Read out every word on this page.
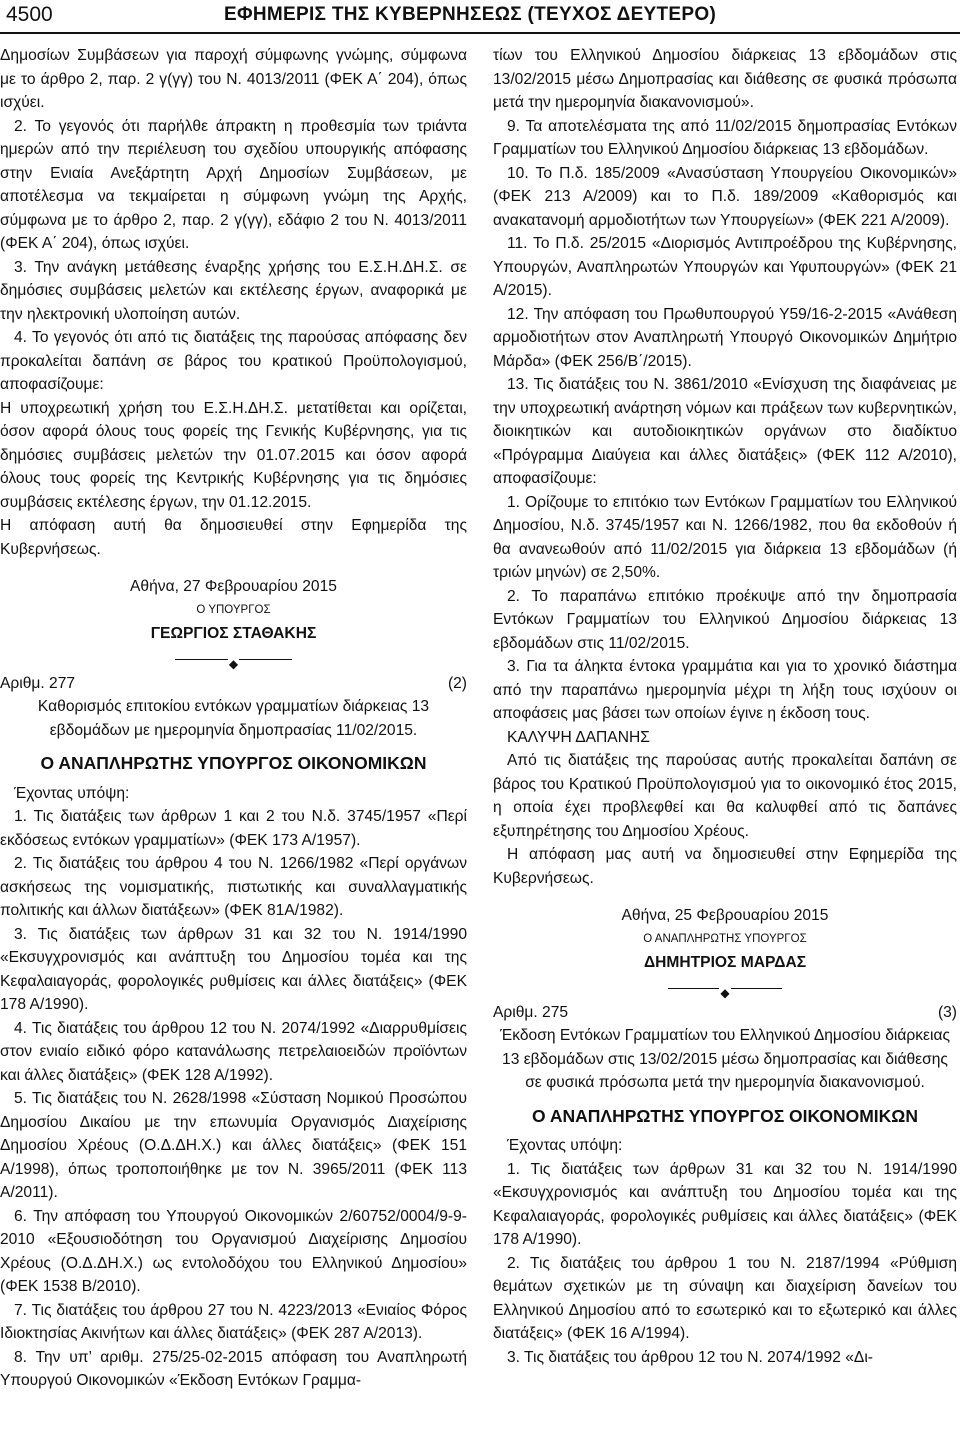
4500	ΕΦΗΜΕΡΙΣ ΤΗΣ ΚΥΒΕΡΝΗΣΕΩΣ (ΤΕΥΧΟΣ ΔΕΥΤΕΡΟ)

Δημοσίων Συμβάσεων για παροχή σύμφωνης γνώμης, σύμφωνα με το άρθρο 2, παρ. 2 γ(γγ) του Ν. 4013/2011 (ΦΕΚ Α΄ 204), όπως ισχύει.

2. Το γεγονός ότι παρήλθε άπρακτη η προθεσμία των τριάντα ημερών από την περιέλευση του σχεδίου υπουργικής απόφασης στην Ενιαία Ανεξάρτητη Αρχή Δημοσίων Συμβάσεων, με αποτέλεσμα να τεκμαίρεται η σύμφωνη γνώμη της Αρχής, σύμφωνα με το άρθρο 2, παρ. 2 γ(γγ), εδάφιο 2 του Ν. 4013/2011 (ΦΕΚ Α΄ 204), όπως ισχύει.

3. Την ανάγκη μετάθεσης έναρξης χρήσης του Ε.Σ.Η.ΔΗ.Σ. σε δημόσιες συμβάσεις μελετών και εκτέλεσης έργων, αναφορικά με την ηλεκτρονική υλοποίηση αυτών.

4. Το γεγονός ότι από τις διατάξεις της παρούσας απόφασης δεν προκαλείται δαπάνη σε βάρος του κρατικού Προϋπολογισμού, αποφασίζουμε:

Η υποχρεωτική χρήση του Ε.Σ.Η.ΔΗ.Σ. μετατίθεται και ορίζεται, όσον αφορά όλους τους φορείς της Γενικής Κυβέρνησης, για τις δημόσιες συμβάσεις μελετών την 01.07.2015 και όσον αφορά όλους τους φορείς της Κεντρικής Κυβέρνησης για τις δημόσιες συμβάσεις εκτέλεσης έργων, την 01.12.2015.

Η απόφαση αυτή θα δημοσιευθεί στην Εφημερίδα της Κυβερνήσεως.

Αθήνα, 27 Φεβρουαρίου 2015

Ο ΥΠΟΥΡΓΟΣ

ΓΕΩΡΓΙΟΣ ΣΤΑΘΑΚΗΣ

◆
Αριθμ. 277	(2)

Καθορισμός επιτοκίου εντόκων γραμματίων διάρκειας 13 εβδομάδων με ημερομηνία δημοπρασίας 11/02/2015.

Ο ΑΝΑΠΛΗΡΩΤΗΣ ΥΠΟΥΡΓΟΣ ΟΙΚΟΝΟΜΙΚΩΝ

Έχοντας υπόψη:

1. Τις διατάξεις των άρθρων 1 και 2 του Ν.δ. 3745/1957 «Περί εκδόσεως εντόκων γραμματίων» (ΦΕΚ 173 Α/1957).

2. Τις διατάξεις του άρθρου 4 του Ν. 1266/1982 «Περί οργάνων ασκήσεως της νομισματικής, πιστωτικής και συναλλαγματικής πολιτικής και άλλων διατάξεων» (ΦΕΚ 81Α/1982).

3. Τις διατάξεις των άρθρων 31 και 32 του Ν. 1914/1990 «Εκσυγχρονισμός και ανάπτυξη του Δημοσίου τομέα και της Κεφαλαιαγοράς, φορολογικές ρυθμίσεις και άλλες διατάξεις» (ΦΕΚ 178 Α/1990).

4. Τις διατάξεις του άρθρου 12 του Ν. 2074/1992 «Διαρρυθμίσεις στον ενιαίο ειδικό φόρο κατανάλωσης πετρελαιοειδών προϊόντων και άλλες διατάξεις» (ΦΕΚ 128 Α/1992).

5. Τις διατάξεις του Ν. 2628/1998 «Σύσταση Νομικού Προσώπου Δημοσίου Δικαίου με την επωνυμία Οργανισμός Διαχείρισης Δημοσίου Χρέους (Ο.Δ.ΔΗ.Χ.) και άλλες διατάξεις» (ΦΕΚ 151 Α/1998), όπως τροποποιήθηκε με τον Ν. 3965/2011 (ΦΕΚ 113 Α/2011).

6. Την απόφαση του Υπουργού Οικονομικών 2/60752/0004/9-9-2010 «Εξουσιοδότηση του Οργανισμού Διαχείρισης Δημοσίου Χρέους (Ο.Δ.ΔΗ.Χ.) ως εντολοδόχου του Ελληνικού Δημοσίου» (ΦΕΚ 1538 Β/2010).

7. Τις διατάξεις του άρθρου 27 του Ν. 4223/2013 «Ενιαίος Φόρος Ιδιοκτησίας Ακινήτων και άλλες διατάξεις» (ΦΕΚ 287 Α/2013).

8. Την υπ’ αριθμ. 275/25-02-2015 απόφαση του Αναπληρωτή Υπουργού Οικονομικών «Έκδοση Εντόκων Γραμμα-

τίων του Ελληνικού Δημοσίου διάρκειας 13 εβδομάδων στις 13/02/2015 μέσω Δημοπρασίας και διάθεσης σε φυσικά πρόσωπα μετά την ημερομηνία διακανονισμού».

9. Τα αποτελέσματα της από 11/02/2015 δημοπρασίας Εντόκων Γραμματίων του Ελληνικού Δημοσίου διάρκειας 13 εβδομάδων.

10. Το Π.δ. 185/2009 «Ανασύσταση Υπουργείου Οικονομικών» (ΦΕΚ 213 Α/2009) και το Π.δ. 189/2009 «Καθορισμός και ανακατανομή αρμοδιοτήτων των Υπουργείων» (ΦΕΚ 221 Α/2009).

11. Το Π.δ. 25/2015 «Διορισμός Αντιπροέδρου της Κυβέρνησης, Υπουργών, Αναπληρωτών Υπουργών και Υφυπουργών» (ΦΕΚ 21 Α/2015).

12. Την απόφαση του Πρωθυπουργού Υ59/16-2-2015 «Ανάθεση αρμοδιοτήτων στον Αναπληρωτή Υπουργό Οικονομικών Δημήτριο Μάρδα» (ΦΕΚ 256/Β΄/2015).

13. Τις διατάξεις του Ν. 3861/2010 «Ενίσχυση της διαφάνειας με την υποχρεωτική ανάρτηση νόμων και πράξεων των κυβερνητικών, διοικητικών και αυτοδιοικητικών οργάνων στο διαδίκτυο «Πρόγραμμα Διαύγεια και άλλες διατάξεις» (ΦΕΚ 112 Α/2010), αποφασίζουμε:

1. Ορίζουμε το επιτόκιο των Εντόκων Γραμματίων του Ελληνικού Δημοσίου, Ν.δ. 3745/1957 και Ν. 1266/1982, που θα εκδοθούν ή θα ανανεωθούν από 11/02/2015 για διάρκεια 13 εβδομάδων (ή τριών μηνών) σε 2,50%.

2. Το παραπάνω επιτόκιο προέκυψε από την δημοπρασία Εντόκων Γραμματίων του Ελληνικού Δημοσίου διάρκειας 13 εβδομάδων στις 11/02/2015.

3. Για τα άληκτα έντοκα γραμμάτια και για το χρονικό διάστημα από την παραπάνω ημερομηνία μέχρι τη λήξη τους ισχύουν οι αποφάσεις μας βάσει των οποίων έγινε η έκδοση τους.

ΚΑΛΥΨΗ ΔΑΠΑΝΗΣ

Από τις διατάξεις της παρούσας αυτής προκαλείται δαπάνη σε βάρος του Κρατικού Προϋπολογισμού για το οικονομικό έτος 2015, η οποία έχει προβλεφθεί και θα καλυφθεί από τις δαπάνες εξυπηρέτησης του Δημοσίου Χρέους.

Η απόφαση μας αυτή να δημοσιευθεί στην Εφημερίδα της Κυβερνήσεως.

Αθήνα, 25 Φεβρουαρίου 2015

Ο ΑΝΑΠΛΗΡΩΤΗΣ ΥΠΟΥΡΓΟΣ

ΔΗΜΗΤΡΙΟΣ ΜΑΡΔΑΣ

◆
Αριθμ. 275	(3)

Έκδοση Εντόκων Γραμματίων του Ελληνικού Δημοσίου διάρκειας 13 εβδομάδων στις 13/02/2015 μέσω δημοπρασίας και διάθεσης σε φυσικά πρόσωπα μετά την ημερομηνία διακανονισμού.

Ο ΑΝΑΠΛΗΡΩΤΗΣ ΥΠΟΥΡΓΟΣ ΟΙΚΟΝΟΜΙΚΩΝ

Έχοντας υπόψη:

1. Τις διατάξεις των άρθρων 31 και 32 του Ν. 1914/1990 «Εκσυγχρονισμός και ανάπτυξη του Δημοσίου τομέα και της Κεφαλαιαγοράς, φορολογικές ρυθμίσεις και άλλες διατάξεις» (ΦΕΚ 178 Α/1990).

2. Τις διατάξεις του άρθρου 1 του Ν. 2187/1994 «Ρύθμιση θεμάτων σχετικών με τη σύναψη και διαχείριση δανείων του Ελληνικού Δημοσίου από το εσωτερικό και το εξωτερικό και άλλες διατάξεις» (ΦΕΚ 16 Α/1994).

3. Τις διατάξεις του άρθρου 12 του Ν. 2074/1992 «Δι-
